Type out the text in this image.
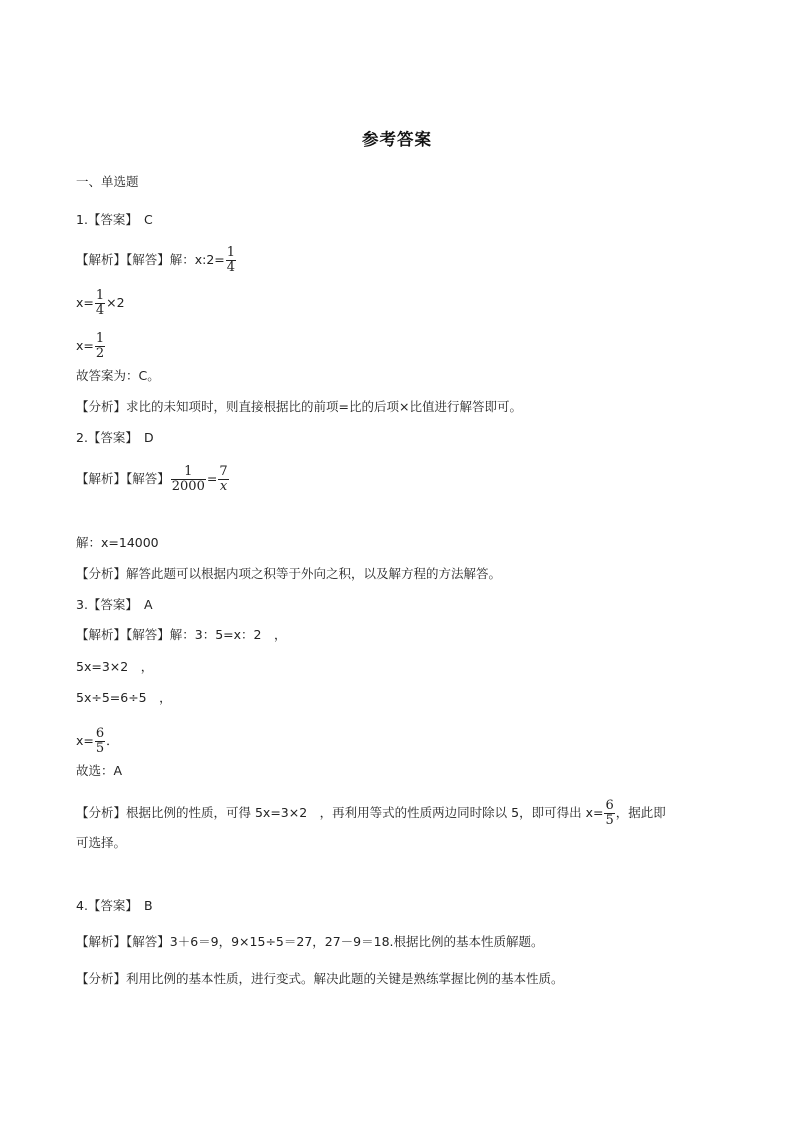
参考答案
一、单选题
1.【答案】 C
【解析】【解答】解：x:2= $\frac{1}{4}$
$x= \frac{1}{4} \times 2$
$x= \frac{1}{2}$
故答案为：C。
【分析】求比的未知项时，则直接根据比的前项=比的后项×比值进行解答即可。
2.【答案】 D
【解析】【解答】 $\frac{1}{2000} = \frac{7}{x}$
解：x=14000
【分析】解答此题可以根据内项之积等于外向之积，以及解方程的方法解答。
3.【答案】 A
【解析】【解答】解：3：5=x：2　，
5x=3×2　，
5x÷5=6÷5　，
$x= \frac{6}{5}$ ．
故选：A
【分析】根据比例的性质，可得 5x=3×2　，再利用等式的性质两边同时除以 5，即可得出 $x= \frac{6}{5}$ ，据此即
可选择。
4.【答案】 B
【解析】【解答】3＋6＝9，9×15÷5＝27，27－9＝18.根据比例的基本性质解题。
【分析】利用比例的基本性质，进行变式。解决此题的关键是熟练掌握比例的基本性质。
